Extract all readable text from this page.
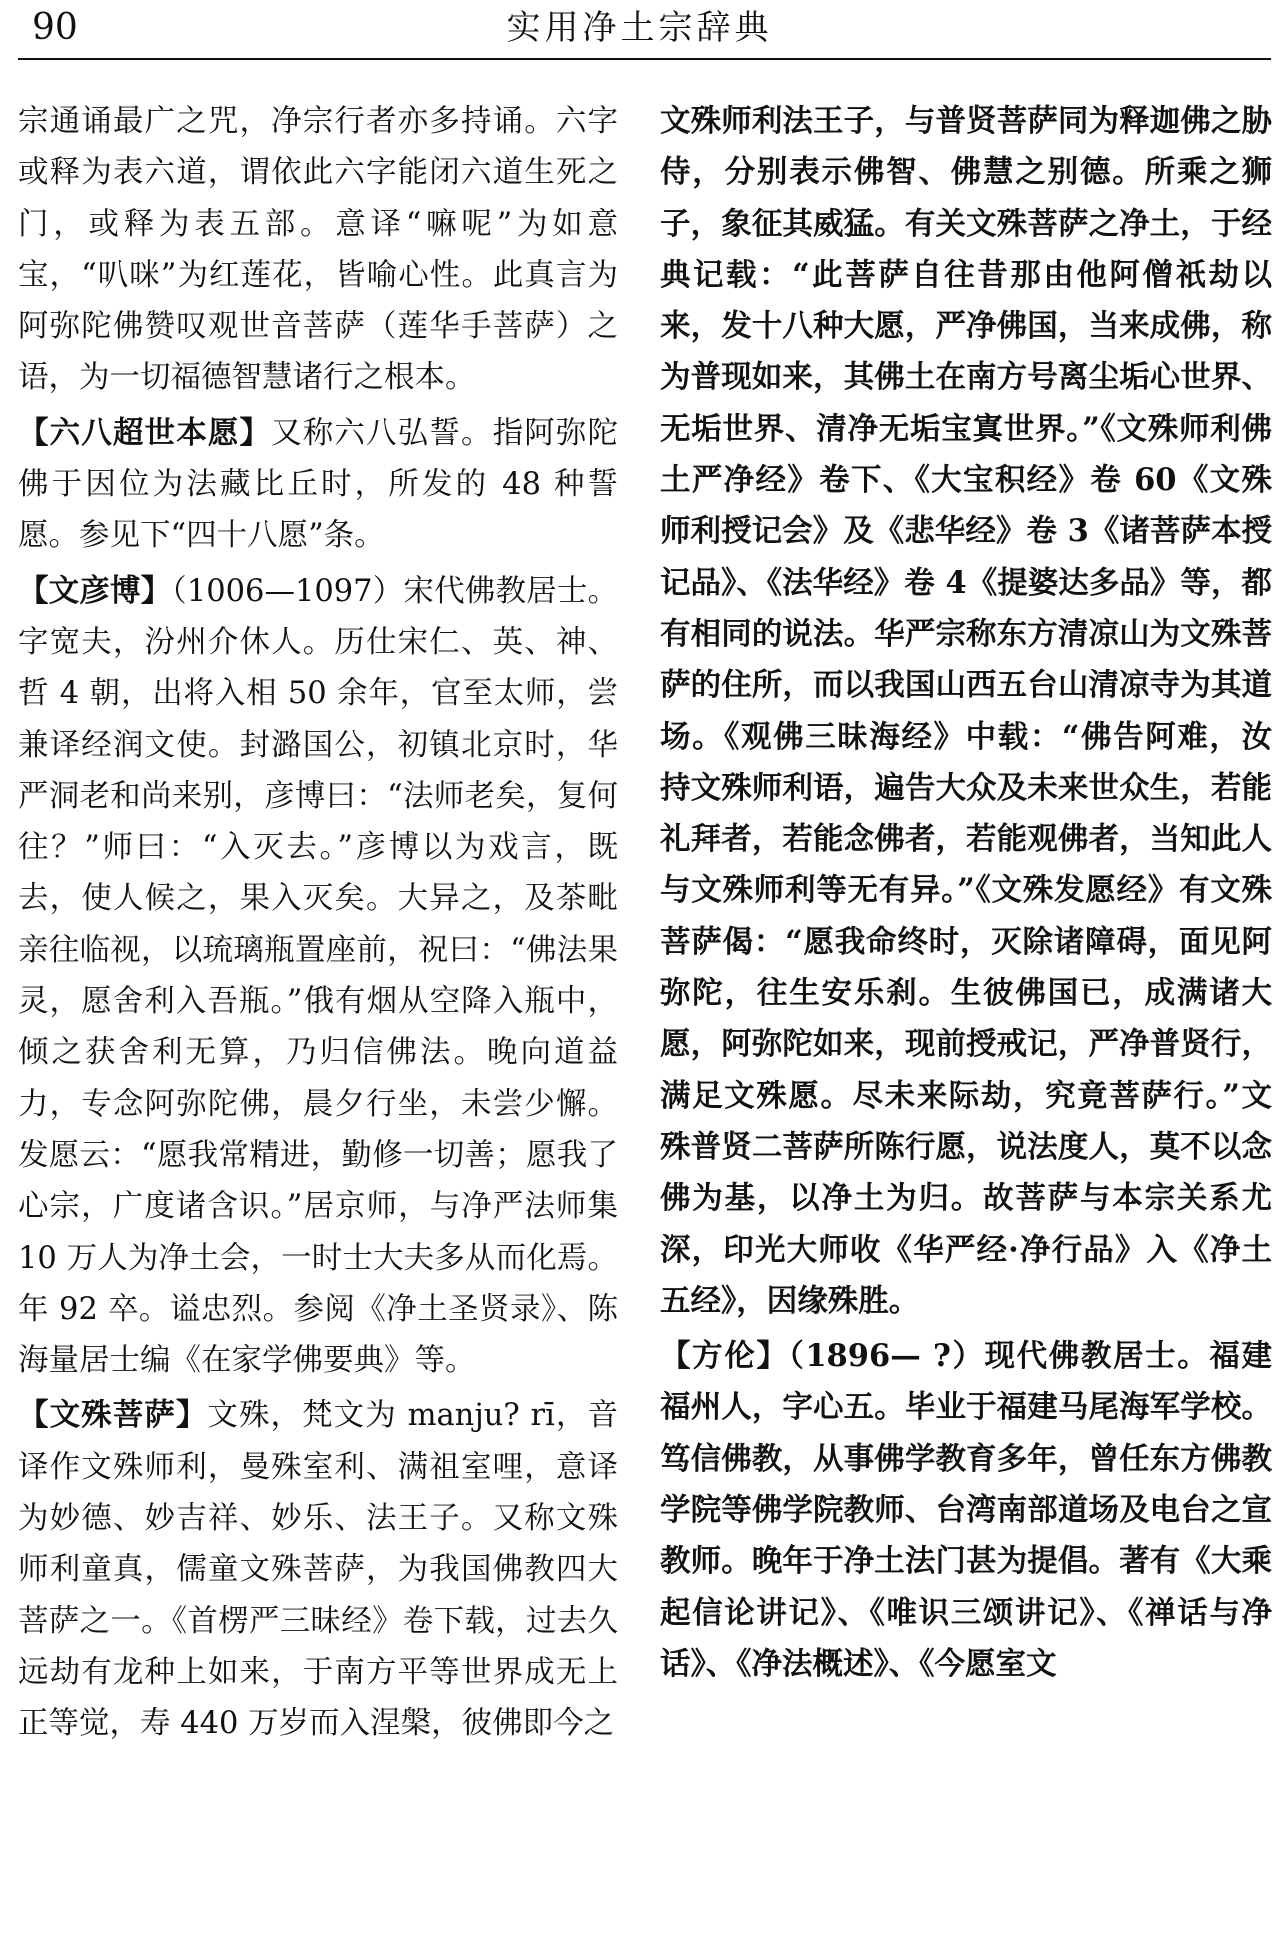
90	实用净土宗辞典

宗通诵最广之咒，净宗行者亦多持诵。六字或释为表六道，谓依此六字能闭六道生死之门，或释为表五部。意译“嘛呢”为如意宝，“叭咪”为红莲花，皆喻心性。此真言为阿弥陀佛赞叹观世音菩萨（莲华手菩萨）之语，为一切福德智慧诸行之根本。

【六八超世本愿】又称六八弘誓。指阿弥陀佛于因位为法藏比丘时，所发的 48 种誓愿。参见下“四十八愿”条。

【文彦博】（1006—1097）宋代佛教居士。字宽夫，汾州介休人。历仕宋仁、英、神、哲 4 朝，出将入相 50 余年，官至太师，尝兼译经润文使。封潞国公，初镇北京时，华严洞老和尚来别，彦博曰：“法师老矣，复何往？”师曰：“入灭去。”彦博以为戏言，既去，使人候之，果入灭矣。大异之，及茶毗亲往临视，以琉璃瓶置座前，祝曰：“佛法果灵，愿舍利入吾瓶。”俄有烟从空降入瓶中，倾之获舍利无算，乃归信佛法。晚向道益力，专念阿弥陀佛，晨夕行坐，未尝少懈。发愿云：“愿我常精进，勤修一切善；愿我了心宗，广度诸含识。”居京师，与净严法师集 10 万人为净土会，一时士大夫多从而化焉。年 92 卒。谥忠烈。参阅《净土圣贤录》、陈海量居士编《在家学佛要典》等。

【文殊菩萨】文殊，梵文为 manju? rī，音译作文殊师利，曼殊室利、满祖室哩，意译为妙德、妙吉祥、妙乐、法王子。又称文殊师利童真，儒童文殊菩萨，为我国佛教四大菩萨之一。《首楞严三昧经》卷下载，过去久远劫有龙种上如来，于南方平等世界成无上正等觉，寿 440 万岁而入涅槃，彼佛即今之

文殊师利法王子，与普贤菩萨同为释迦佛之胁侍，分别表示佛智、佛慧之别德。所乘之狮子，象征其威猛。有关文殊菩萨之净土，于经典记载：“此菩萨自往昔那由他阿僧祇劫以来，发十八种大愿，严净佛国，当来成佛，称为普现如来，其佛土在南方号离尘垢心世界、无垢世界、清净无垢宝寘世界。”《文殊师利佛土严净经》卷下、《大宝积经》卷 60《文殊师利授记会》及《悲华经》卷 3《诸菩萨本授记品》、《法华经》卷 4《提婆达多品》等，都有相同的说法。华严宗称东方清凉山为文殊菩萨的住所，而以我国山西五台山清凉寺为其道场。《观佛三昧海经》中载：“佛告阿难，汝持文殊师利语，遍告大众及未来世众生，若能礼拜者，若能念佛者，若能观佛者，当知此人与文殊师利等无有异。”《文殊发愿经》有文殊菩萨偈：“愿我命终时，灭除诸障碍，面见阿弥陀，往生安乐刹。生彼佛国已，成满诸大愿，阿弥陀如来，现前授戒记，严净普贤行，满足文殊愿。尽未来际劫，究竟菩萨行。”文殊普贤二菩萨所陈行愿，说法度人，莫不以念佛为基，以净土为归。故菩萨与本宗关系尤深，印光大师收《华严经·净行品》入《净土五经》，因缘殊胜。

【方伦】（1896— ?）现代佛教居士。福建福州人，字心五。毕业于福建马尾海军学校。笃信佛教，从事佛学教育多年，曾任东方佛教学院等佛学院教师、台湾南部道场及电台之宣教师。晚年于净土法门甚为提倡。著有《大乘起信论讲记》、《唯识三颂讲记》、《禅话与净话》、《净法概述》、《今愿室文
